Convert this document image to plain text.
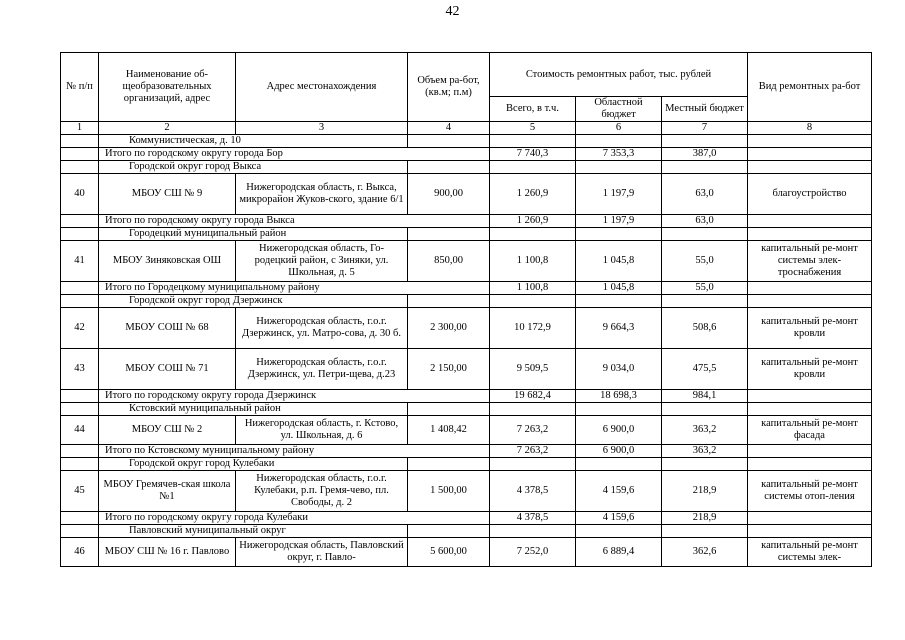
42
№ п/п	Наименование об-щеобразовательных организаций, адрес	Адрес местонахождения	Объем ра-бот, (кв.м; п.м)	Стоимость ремонтных работ, тыс. рублей			Вид ремонтных ра-бот
				Всего, в т.ч.	Областной бюджет	Местный бюджет	
1	2	3	4	5	6	7	8
	Коммунистическая, д. 10						
	Итого по городскому округу города Бор			7 740,3	7 353,3	387,0	
	Городской округ город Выкса						
40	МБОУ СШ № 9	Нижегородская область, г. Выкса, микрорайон Жуков-ского, здание 6/1	900,00	1 260,9	1 197,9	63,0	благоустройство
	Итого по городскому округу города Выкса			1 260,9	1 197,9	63,0	
	Городецкий муниципальный район						
41	МБОУ Зиняковская ОШ	Нижегородская область, Го-родецкий район, с Зиняки, ул. Школьная, д. 5	850,00	1 100,8	1 045,8	55,0	капитальный ре-монт системы элек-троснабжения
	Итого по Городецкому муниципальному району			1 100,8	1 045,8	55,0	
	Городской округ город Дзержинск						
42	МБОУ СОШ № 68	Нижегородская область, г.о.г. Дзержинск, ул. Матро-сова, д. 30 б.	2 300,00	10 172,9	9 664,3	508,6	капитальный ре-монт кровли
43	МБОУ СОШ № 71	Нижегородская область, г.о.г. Дзержинск, ул. Петри-щева, д.23	2 150,00	9 509,5	9 034,0	475,5	капитальный ре-монт кровли
	Итого по городскому округу города Дзержинск			19 682,4	18 698,3	984,1	
	Кстовский муниципальный район						
44	МБОУ СШ № 2	Нижегородская область, г. Кстово, ул. Школьная, д. 6	1 408,42	7 263,2	6 900,0	363,2	капитальный ре-монт фасада
	Итого по Кстовскому муниципальному району			7 263,2	6 900,0	363,2	
	Городской округ город Кулебаки						
45	МБОУ Гремячев-ская школа №1	Нижегородская область, г.о.г. Кулебаки, р.п. Гремя-чево, пл. Свободы, д. 2	1 500,00	4 378,5	4 159,6	218,9	капитальный ре-монт системы отоп-ления
	Итого по городскому округу города Кулебаки			4 378,5	4 159,6	218,9	
	Павловский муниципальный округ						
46	МБОУ СШ № 16 г. Павлово	Нижегородская область, Павловский округ, г. Павло-	5 600,00	7 252,0	6 889,4	362,6	капитальный ре-монт системы элек-
